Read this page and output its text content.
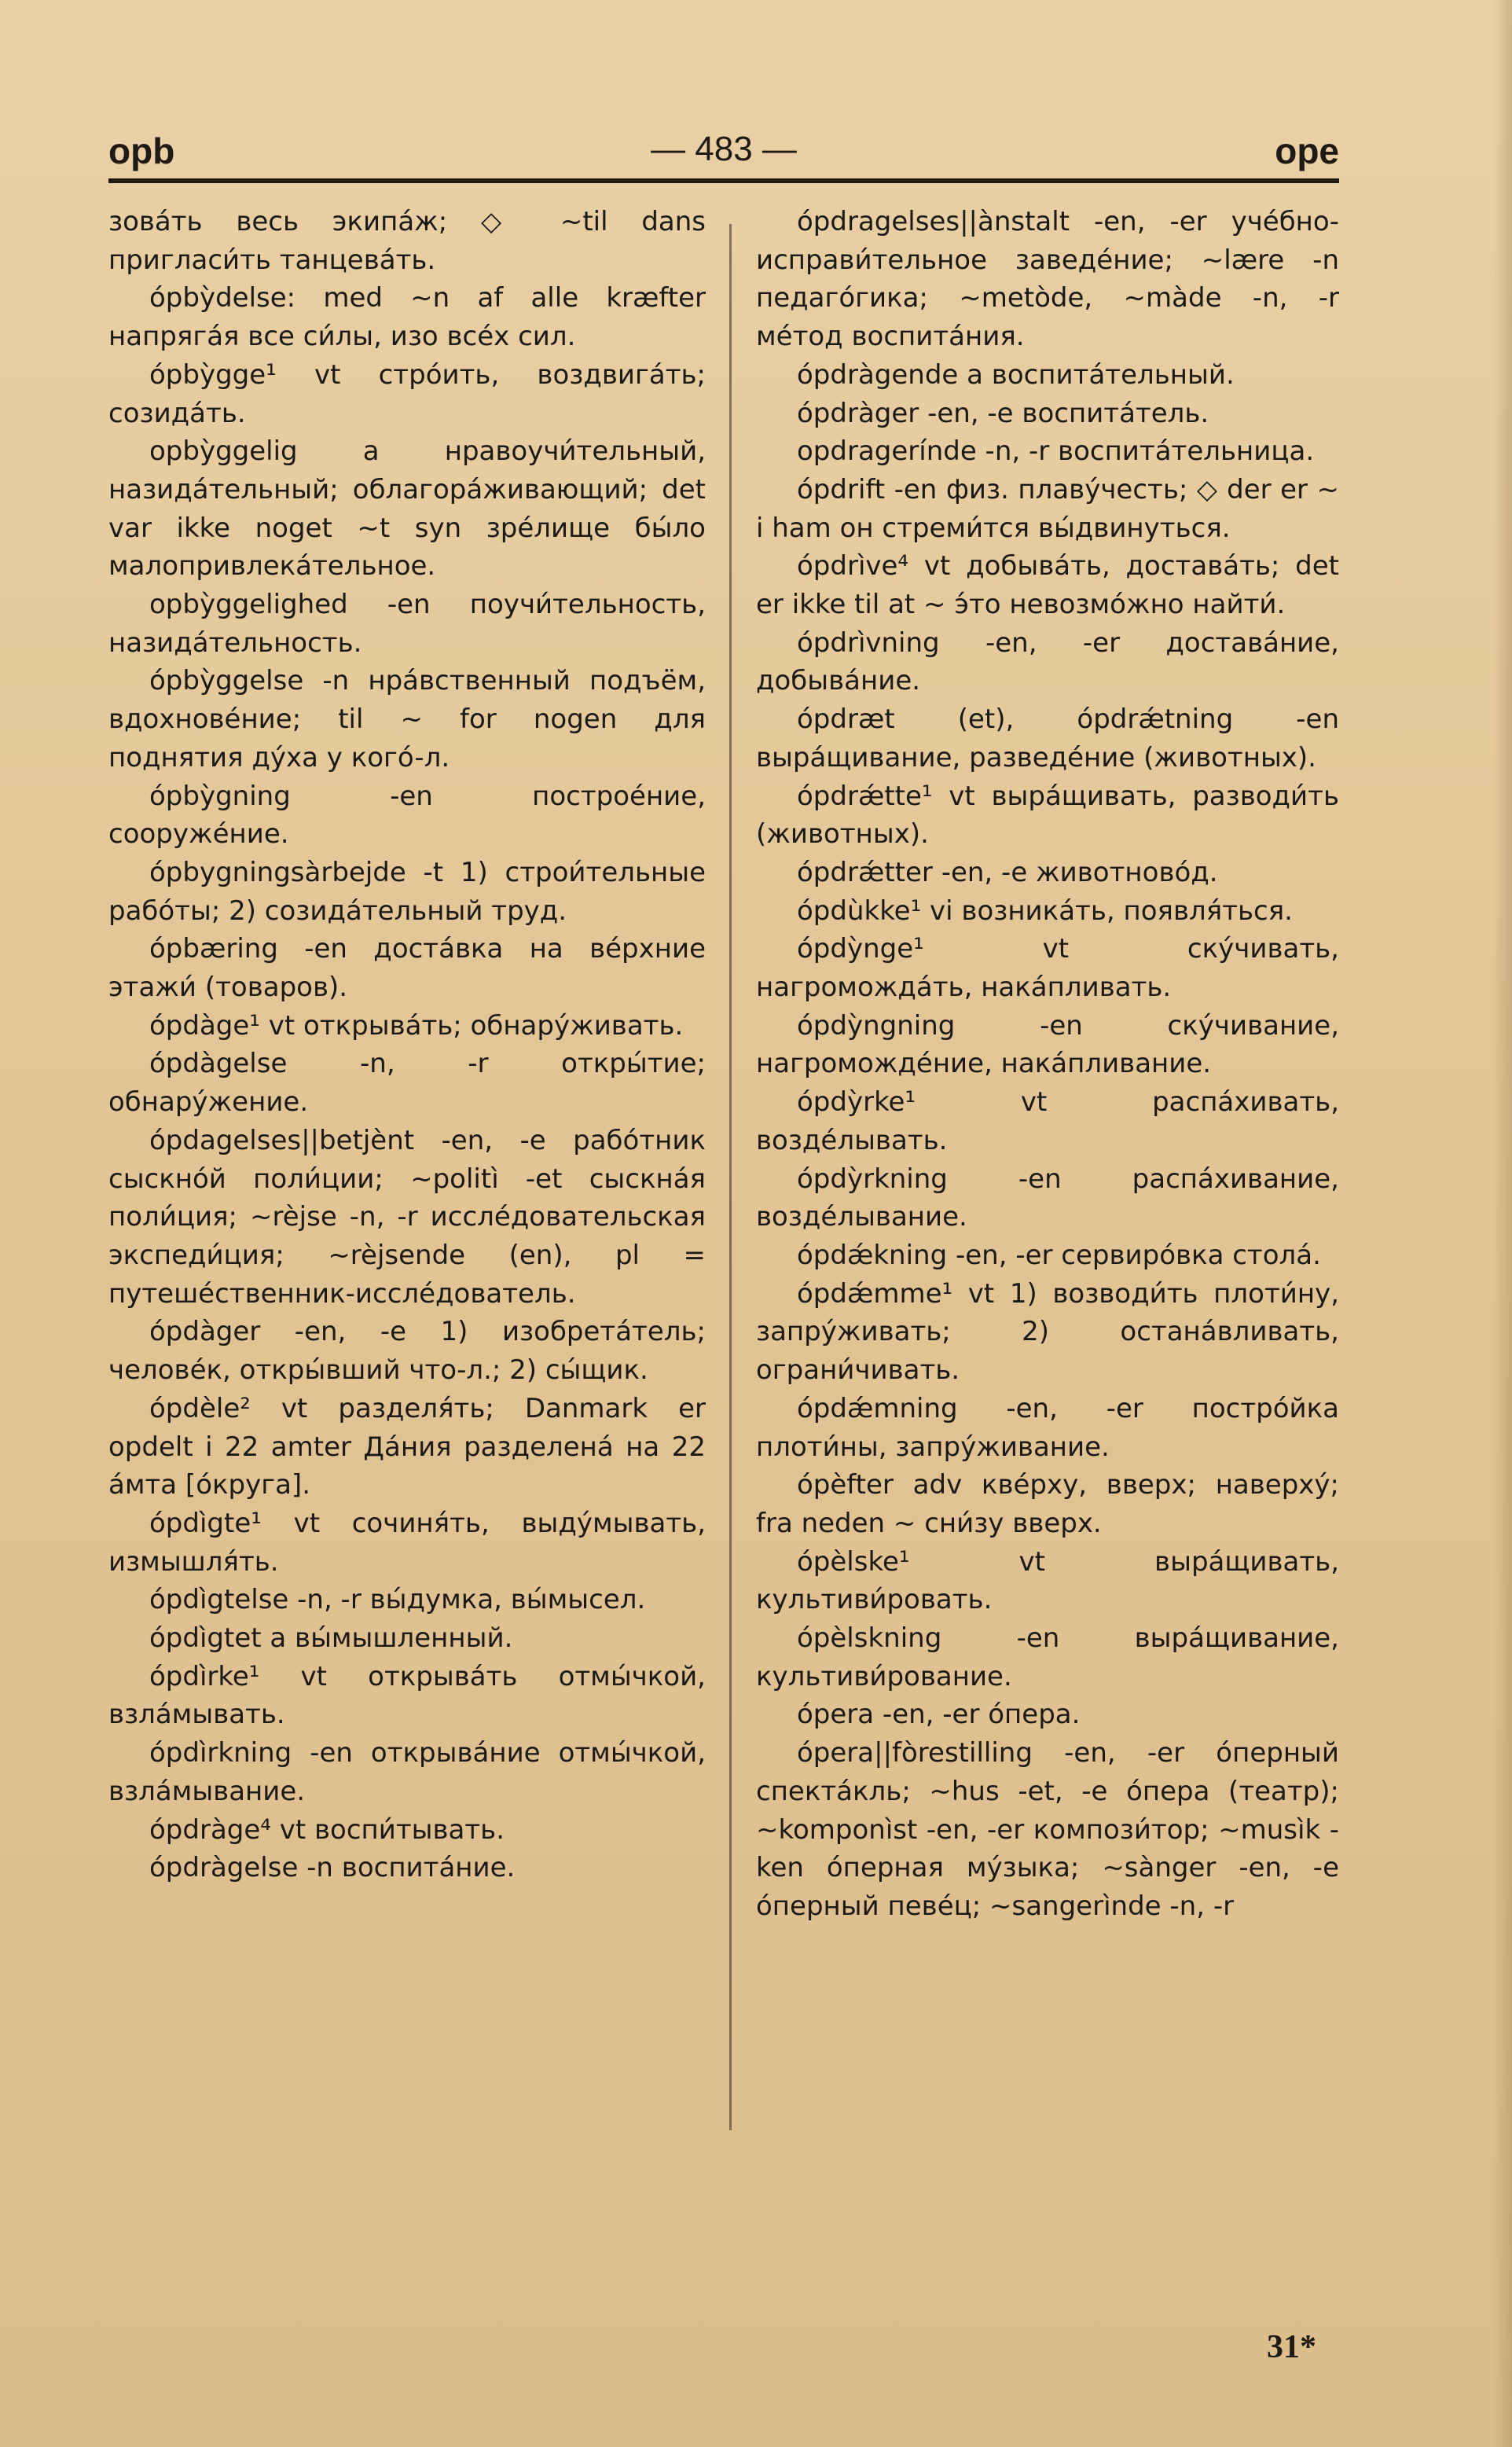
opb	— 483 —	ope

зовáть весь экипáж; ◇ ~til dans пригласи́ть танцевáть.

ópbỳdelse: med ~n af alle kræfter напрягáя все си́лы, изо всéх сил.

ópbỳgge¹ vt стрóить, воздвигáть; созидáть.

opbỳggelig a нравоучи́тельный, назидáтельный; облагорáживающий; det var ikke noget ~t syn зрéлище бы́ло малопривлекáтельное.

opbỳggelighed -en поучи́тельность, назидáтельность.

ópbỳggelse -n нрáвственный подъём, вдохновéние; til ~ for nogen для поднятия дýха у когó-л.

ópbỳgning -en построéние, сооружéние.

ópbygningsàrbejde -t 1) строи́тельные рабóты; 2) созидáтельный труд.

ópbæring -en достáвка на вéрхние этажи́ (товаров).

ópdàge¹ vt открывáть; обнарýживать.

ópdàgelse -n, -r откры́тие; обнарýжение.

ópdagelses||betjènt -en, -e рабóтник сыскнóй поли́ции; ~politì -et сыскнáя поли́ция; ~rèjse -n, -r исслéдовательская экспеди́ция; ~rèjsende (en), pl = путешéственник-исслéдователь.

ópdàger -en, -e 1) изобретáтель; человéк, откры́вший что-л.; 2) сы́щик.

ópdèle² vt разделя́ть; Danmark er opdelt i 22 amter Дáния разделенá на 22 áмта [óкруга].

ópdìgte¹ vt сочиня́ть, выдýмывать, измышля́ть.

ópdìgtelse -n, -r вы́думка, вы́мысел.

ópdìgtet a вы́мышленный.

ópdìrke¹ vt открывáть отмы́чкой, взлáмывать.

ópdìrkning -en открывáние отмы́чкой, взлáмывание.

ópdràge⁴ vt воспи́тывать.

ópdràgelse -n воспитáние.

ópdragelses||ànstalt -en, -er учéбно-исправи́тельное заведéние; ~lære -n педагóгика; ~metòde, ~màde -n, -r мéтод воспитáния.

ópdràgende a воспитáтельный.

ópdràger -en, -e воспитáтель.

opdragerínde -n, -r воспитáтельница.

ópdrift -en физ. плавýчесть; ◇ der er ~ i ham он стреми́тся вы́двинуться.

ópdrìve⁴ vt добывáть, доставáть; det er ikke til at ~ э́то невозмóжно найти́.

ópdrìvning -en, -er доставáние, добывáние.

ópdræt (et), ópdrǽtning -en вырáщивание, разведéние (животных).

ópdrǽtte¹ vt вырáщивать, разводи́ть (животных).

ópdrǽtter -en, -e животновóд.

ópdùkke¹ vi возникáть, появля́ться.

ópdỳnge¹ vt скýчивать, нагромождáть, накáпливать.

ópdỳngning -en скýчивание, нагромождéние, накáпливание.

ópdỳrke¹ vt распáхивать, воздéлывать.

ópdỳrkning -en распáхивание, воздéлывание.

ópdǽkning -en, -er сервирóвка столá.

ópdǽmme¹ vt 1) возводи́ть плоти́ну, запрýживать; 2) останáвливать, ограни́чивать.

ópdǽmning -en, -er пострóйка плоти́ны, запрýживание.

ópèfter adv квéрху, вверх; наверхý; fra neden ~ сни́зу вверх.

ópèlske¹ vt вырáщивать, культиви́ровать.

ópèlskning -en вырáщивание, культиви́рование.

ópera -en, -er óпера.

ópera||fòrestilling -en, -er óперный спектáкль; ~hus -et, -e óпера (театр); ~komponìst -en, -er компози́тор; ~musìk -ken óперная мýзыка; ~sànger -en, -e óперный певéц; ~sangerìnde -n, -r

31*
